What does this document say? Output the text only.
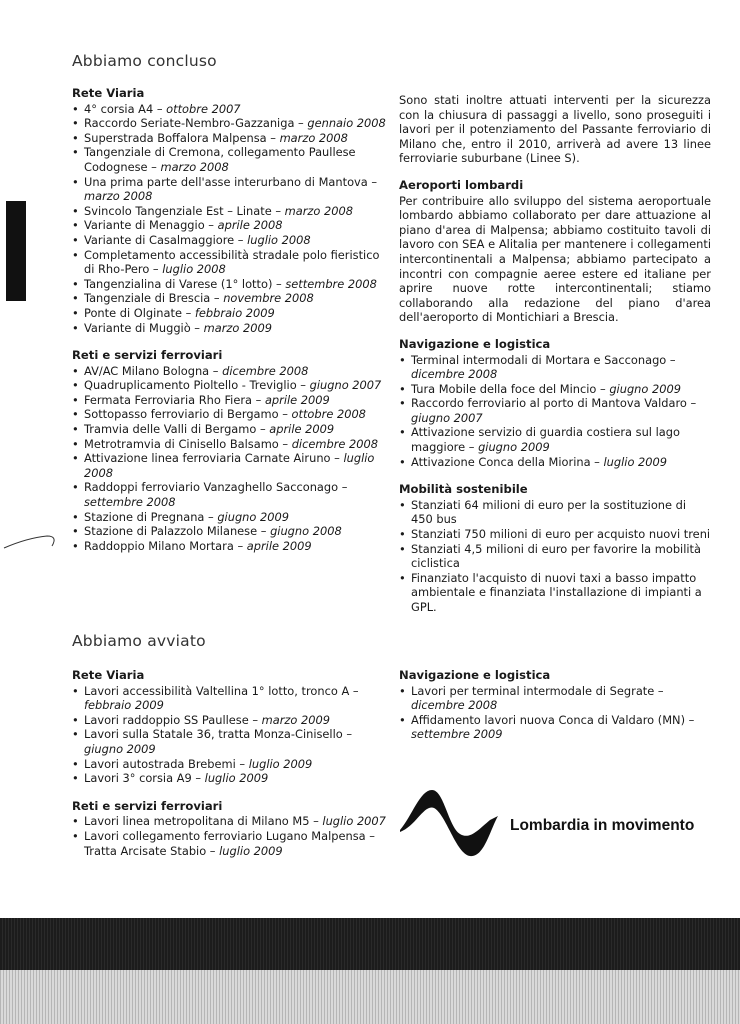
Abbiamo concluso
Rete Viaria
• 4° corsia A4 – ottobre 2007
• Raccordo Seriate-Nembro-Gazzaniga – gennaio 2008
• Superstrada Boffalora Malpensa – marzo 2008
• Tangenziale di Cremona, collegamento Paullese Codognese – marzo 2008
• Una prima parte dell'asse interurbano di Mantova – marzo 2008
• Svincolo Tangenziale Est – Linate – marzo 2008
• Variante di Menaggio – aprile 2008
• Variante di Casalmaggiore – luglio 2008
• Completamento accessibilità stradale polo fieristico di Rho-Pero – luglio 2008
• Tangenzialina di Varese (1° lotto) – settembre 2008
• Tangenziale di Brescia – novembre 2008
• Ponte di Olginate – febbraio 2009
• Variante di Muggiò – marzo 2009
Reti e servizi ferroviari
• AV/AC Milano Bologna – dicembre 2008
• Quadruplicamento Pioltello - Treviglio – giugno 2007
• Fermata Ferroviaria Rho Fiera – aprile 2009
• Sottopasso ferroviario di Bergamo – ottobre 2008
• Tramvia delle Valli di Bergamo – aprile 2009
• Metrotramvia di Cinisello Balsamo – dicembre 2008
• Attivazione linea ferroviaria Carnate Airuno – luglio 2008
• Raddoppi ferroviario Vanzaghello Sacconago – settembre 2008
• Stazione di Pregnana – giugno 2009
• Stazione di Palazzolo Milanese – giugno 2008
• Raddoppio Milano Mortara – aprile 2009

Sono stati inoltre attuati interventi per la sicurezza con la chiusura di passaggi a livello, sono proseguiti i lavori per il potenziamento del Passante ferroviario di Milano che, entro il 2010, arriverà ad avere 13 linee ferroviarie suburbane (Linee S).

Aeroporti lombardi

Per contribuire allo sviluppo del sistema aeroportuale lombardo abbiamo collaborato per dare attuazione al piano d'area di Malpensa; abbiamo costituito tavoli di lavoro con SEA e Alitalia per mantenere i collegamenti intercontinentali a Malpensa; abbiamo partecipato a incontri con compagnie aeree estere ed italiane per aprire nuove rotte intercontinentali; stiamo collaborando alla redazione del piano d'area dell'aeroporto di Montichiari a Brescia.

Navigazione e logistica
• Terminal intermodali di Mortara e Sacconago – dicembre 2008
• Tura Mobile della foce del Mincio – giugno 2009
• Raccordo ferroviario al porto di Mantova Valdaro – giugno 2007
• Attivazione servizio di guardia costiera sul lago maggiore – giugno 2009
• Attivazione Conca della Miorina – luglio 2009
Mobilità sostenibile
• Stanziati 64 milioni di euro per la sostituzione di 450 bus
• Stanziati 750 milioni di euro per acquisto nuovi treni
• Stanziati 4,5 milioni di euro per favorire la mobilità ciclistica
• Finanziato l'acquisto di nuovi taxi a basso impatto ambientale e finanziata l'installazione di impianti a GPL.
Abbiamo avviato
Rete Viaria
• Lavori accessibilità Valtellina 1° lotto, tronco A – febbraio 2009
• Lavori raddoppio SS Paullese – marzo 2009
• Lavori sulla Statale 36, tratta Monza-Cinisello – giugno 2009
• Lavori autostrada Brebemi – luglio 2009
• Lavori 3° corsia A9 – luglio 2009
Reti e servizi ferroviari
• Lavori linea metropolitana di Milano M5 – luglio 2007
• Lavori collegamento ferroviario Lugano Malpensa – Tratta Arcisate Stabio – luglio 2009
Navigazione e logistica
• Lavori per terminal intermodale di Segrate – dicembre 2008
• Affidamento lavori nuova Conca di Valdaro (MN) – settembre 2009

Lombardia in movimento
